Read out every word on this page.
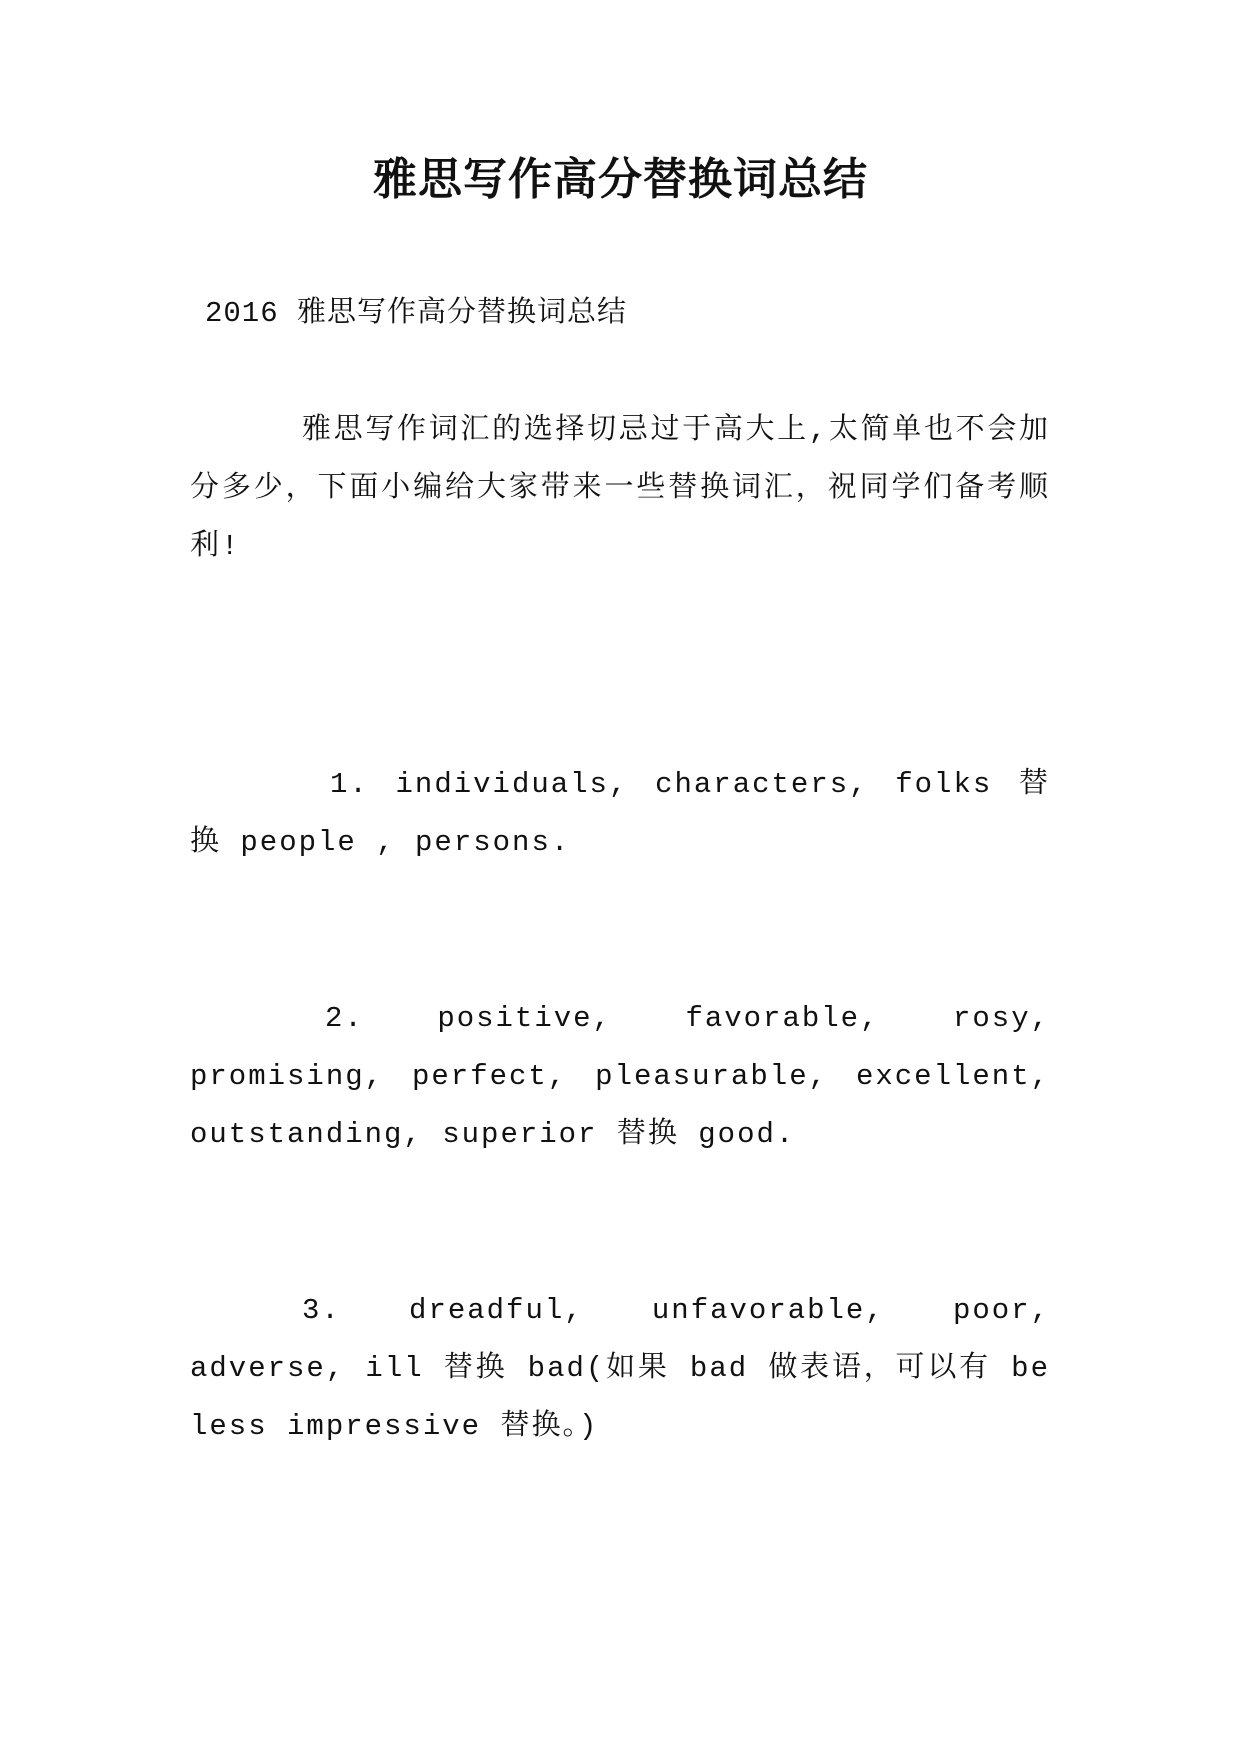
雅思写作高分替换词总结
2016 雅思写作高分替换词总结
雅思写作词汇的选择切忌过于高大上,太简单也不会加分多少，下面小编给大家带来一些替换词汇，祝同学们备考顺利!
1. individuals, characters, folks 替换 people , persons.
2. positive, favorable, rosy, promising, perfect, pleasurable, excellent, outstanding, superior 替换 good.
3. dreadful, unfavorable, poor, adverse, ill 替换 bad(如果 bad 做表语，可以有 be less impressive 替换。)
